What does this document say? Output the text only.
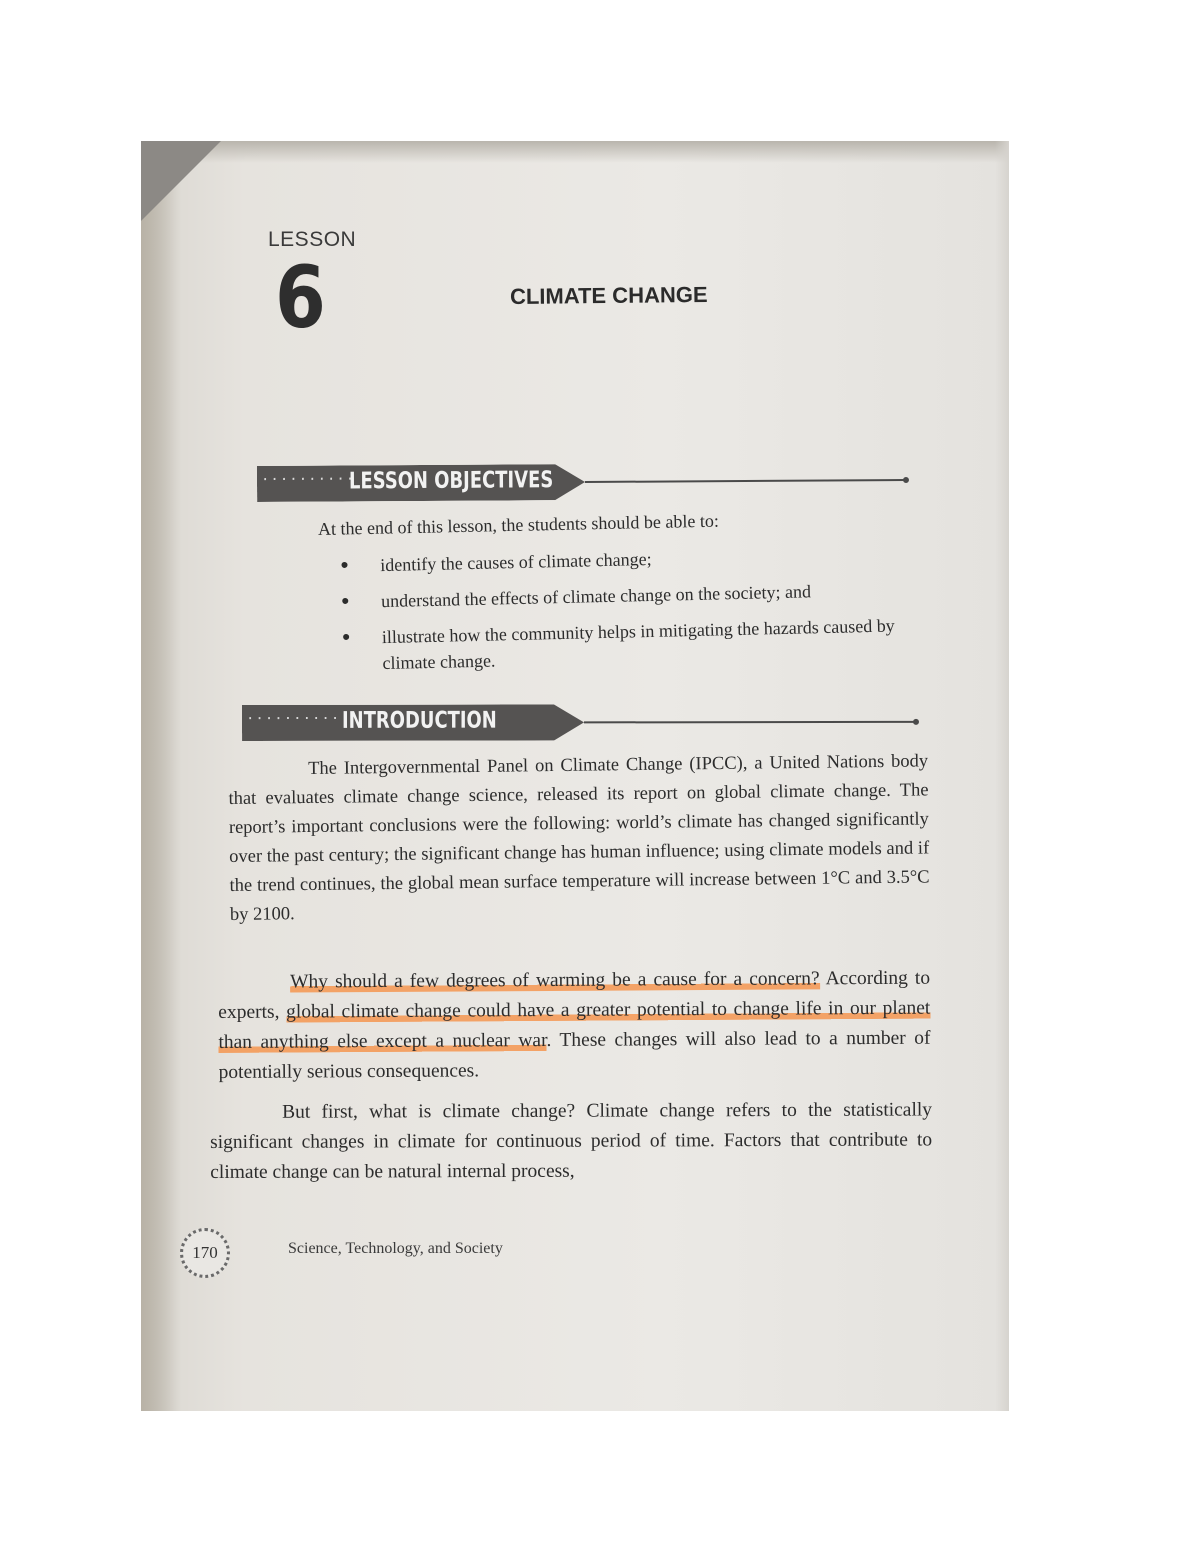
LESSON
6	CLIMATE CHANGE
··········
LESSON OBJECTIVES
At the end of this lesson, the students should be able to:
● identify the causes of climate change;
● understand the effects of climate change on the society; and
● illustrate how the community helps in mitigating the hazards caused by climate change.
·········· INTRODUCTION

The Intergovernmental Panel on Climate Change (IPCC), a United Nations body that evaluates climate change science, released its report on global climate change. The report’s important conclusions were the following: world’s climate has changed significantly over the past century; the significant change has human influence; using climate models and if the trend continues, the global mean surface temperature will increase between 1°C and 3.5°C by 2100.

Why should a few degrees of warming be a cause for a concern? According to experts, global climate change could have a greater potential to change life in our planet than anything else except a nuclear war. These changes will also lead to a number of potentially serious consequences.

But first, what is climate change? Climate change refers to the statistically significant changes in climate for continuous period of time. Factors that contribute to climate change can be natural internal process,

170	Science, Technology, and Society
